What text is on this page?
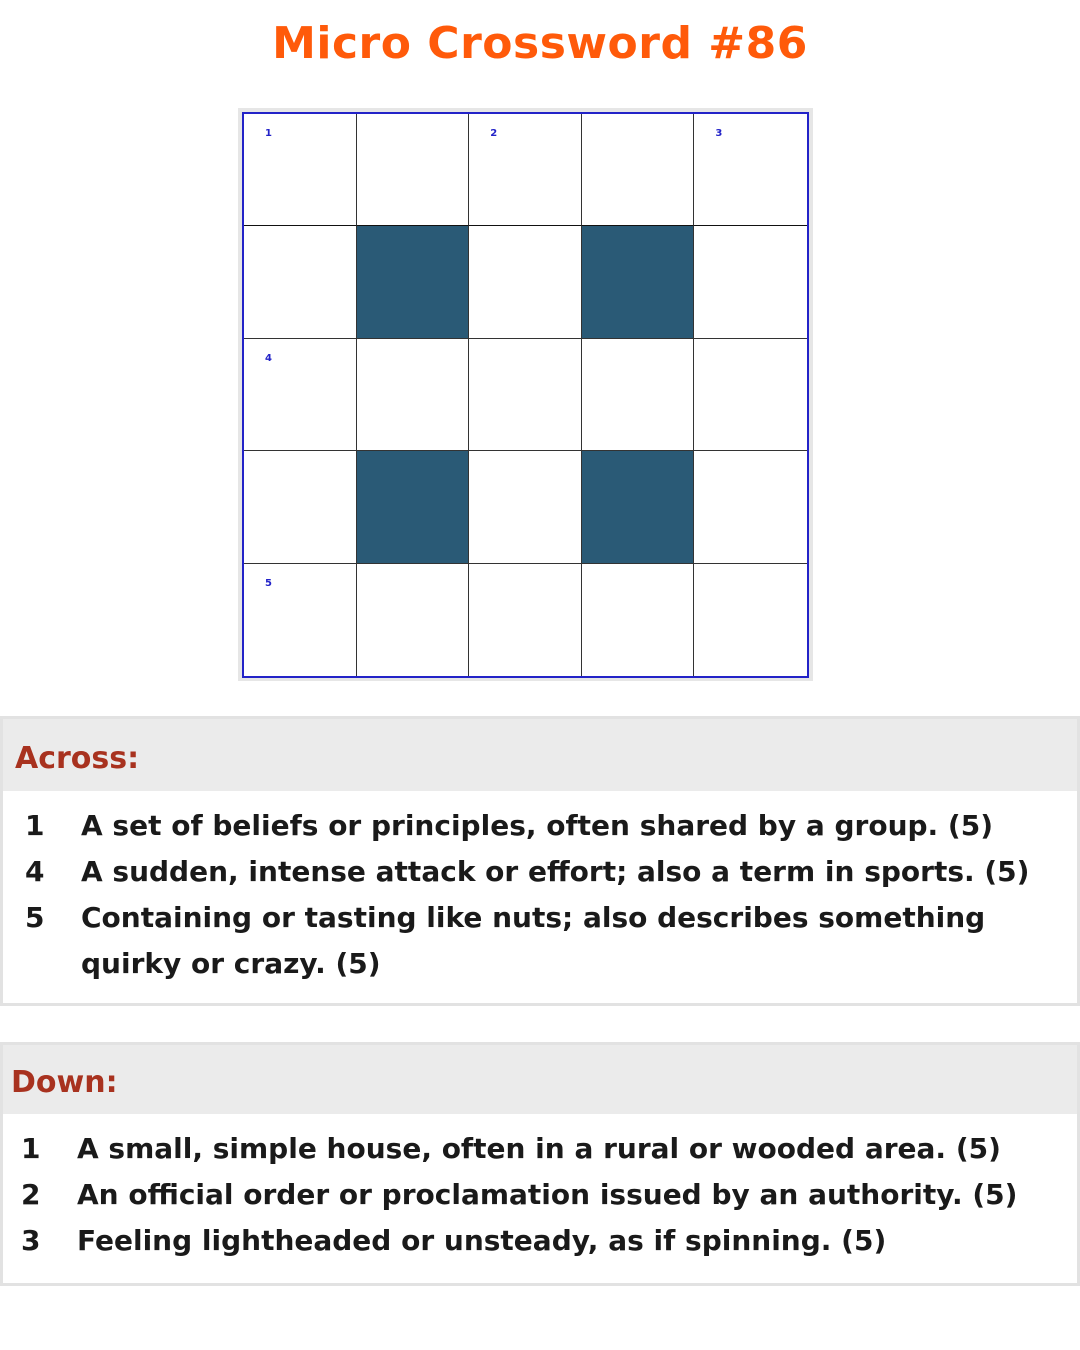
Micro Crossword #86
1	2	3
4
5
Across:
1 A set of beliefs or principles, often shared by a group. (5)
4 A sudden, intense attack or effort; also a term in sports. (5)
5 Containing or tasting like nuts; also describes something quirky or crazy. (5)
Down:
1 A small, simple house, often in a rural or wooded area. (5)
2 An official order or proclamation issued by an authority. (5)
3 Feeling lightheaded or unsteady, as if spinning. (5)
